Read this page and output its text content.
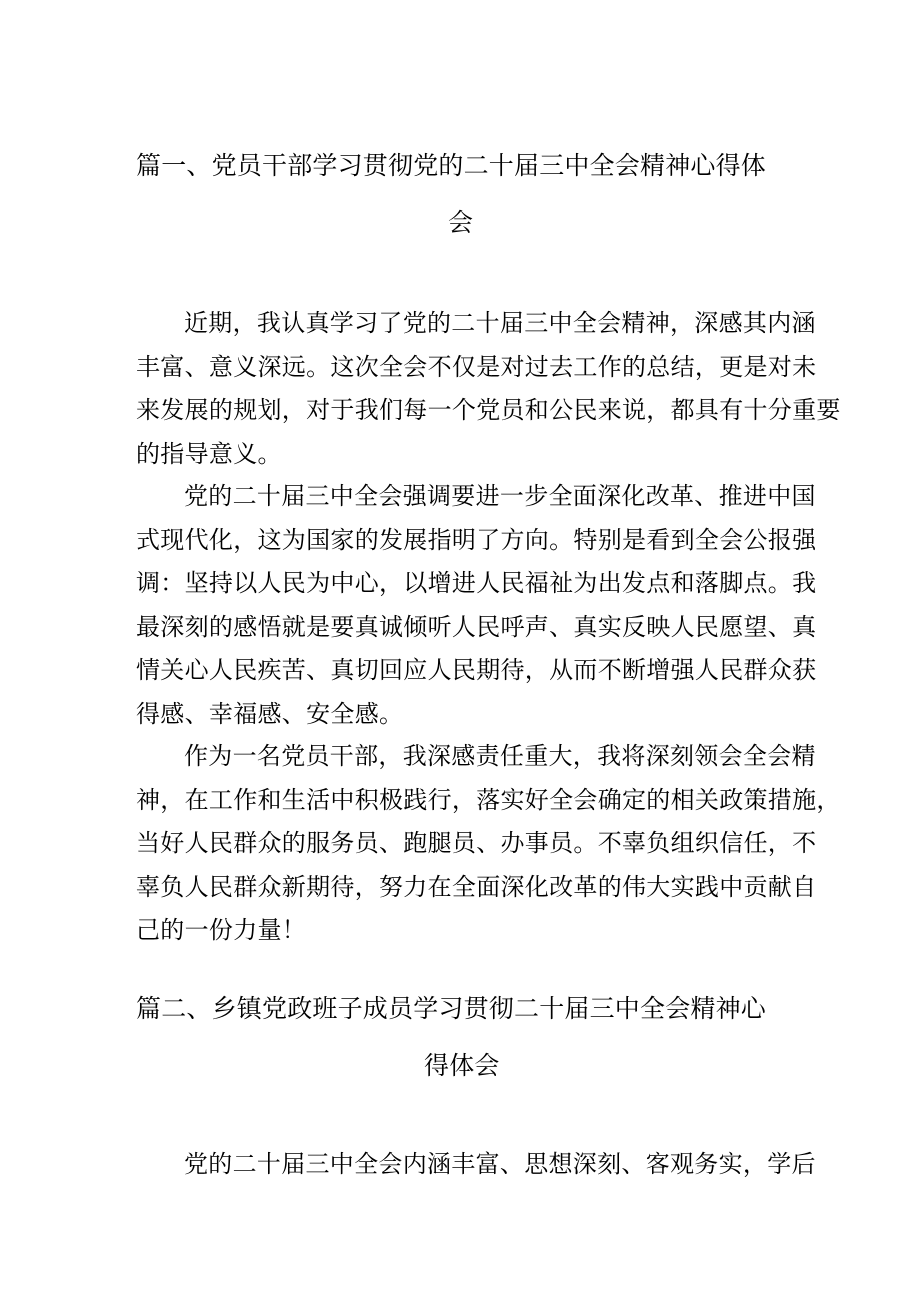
篇一、党员干部学习贯彻党的二十届三中全会精神心得体
会
近期，我认真学习了党的二十届三中全会精神，深感其内涵
丰富、意义深远。这次全会不仅是对过去工作的总结，更是对未
来发展的规划，对于我们每一个党员和公民来说，都具有十分重要
的指导意义。
党的二十届三中全会强调要进一步全面深化改革、推进中国
式现代化，这为国家的发展指明了方向。特别是看到全会公报强
调：坚持以人民为中心，以增进人民福祉为出发点和落脚点。我
最深刻的感悟就是要真诚倾听人民呼声、真实反映人民愿望、真
情关心人民疾苦、真切回应人民期待，从而不断增强人民群众获
得感、幸福感、安全感。
作为一名党员干部，我深感责任重大，我将深刻领会全会精
神，在工作和生活中积极践行，落实好全会确定的相关政策措施，
当好人民群众的服务员、跑腿员、办事员。不辜负组织信任，不
辜负人民群众新期待，努力在全面深化改革的伟大实践中贡献自
己的一份力量！
篇二、乡镇党政班子成员学习贯彻二十届三中全会精神心
得体会
党的二十届三中全会内涵丰富、思想深刻、客观务实，学后
